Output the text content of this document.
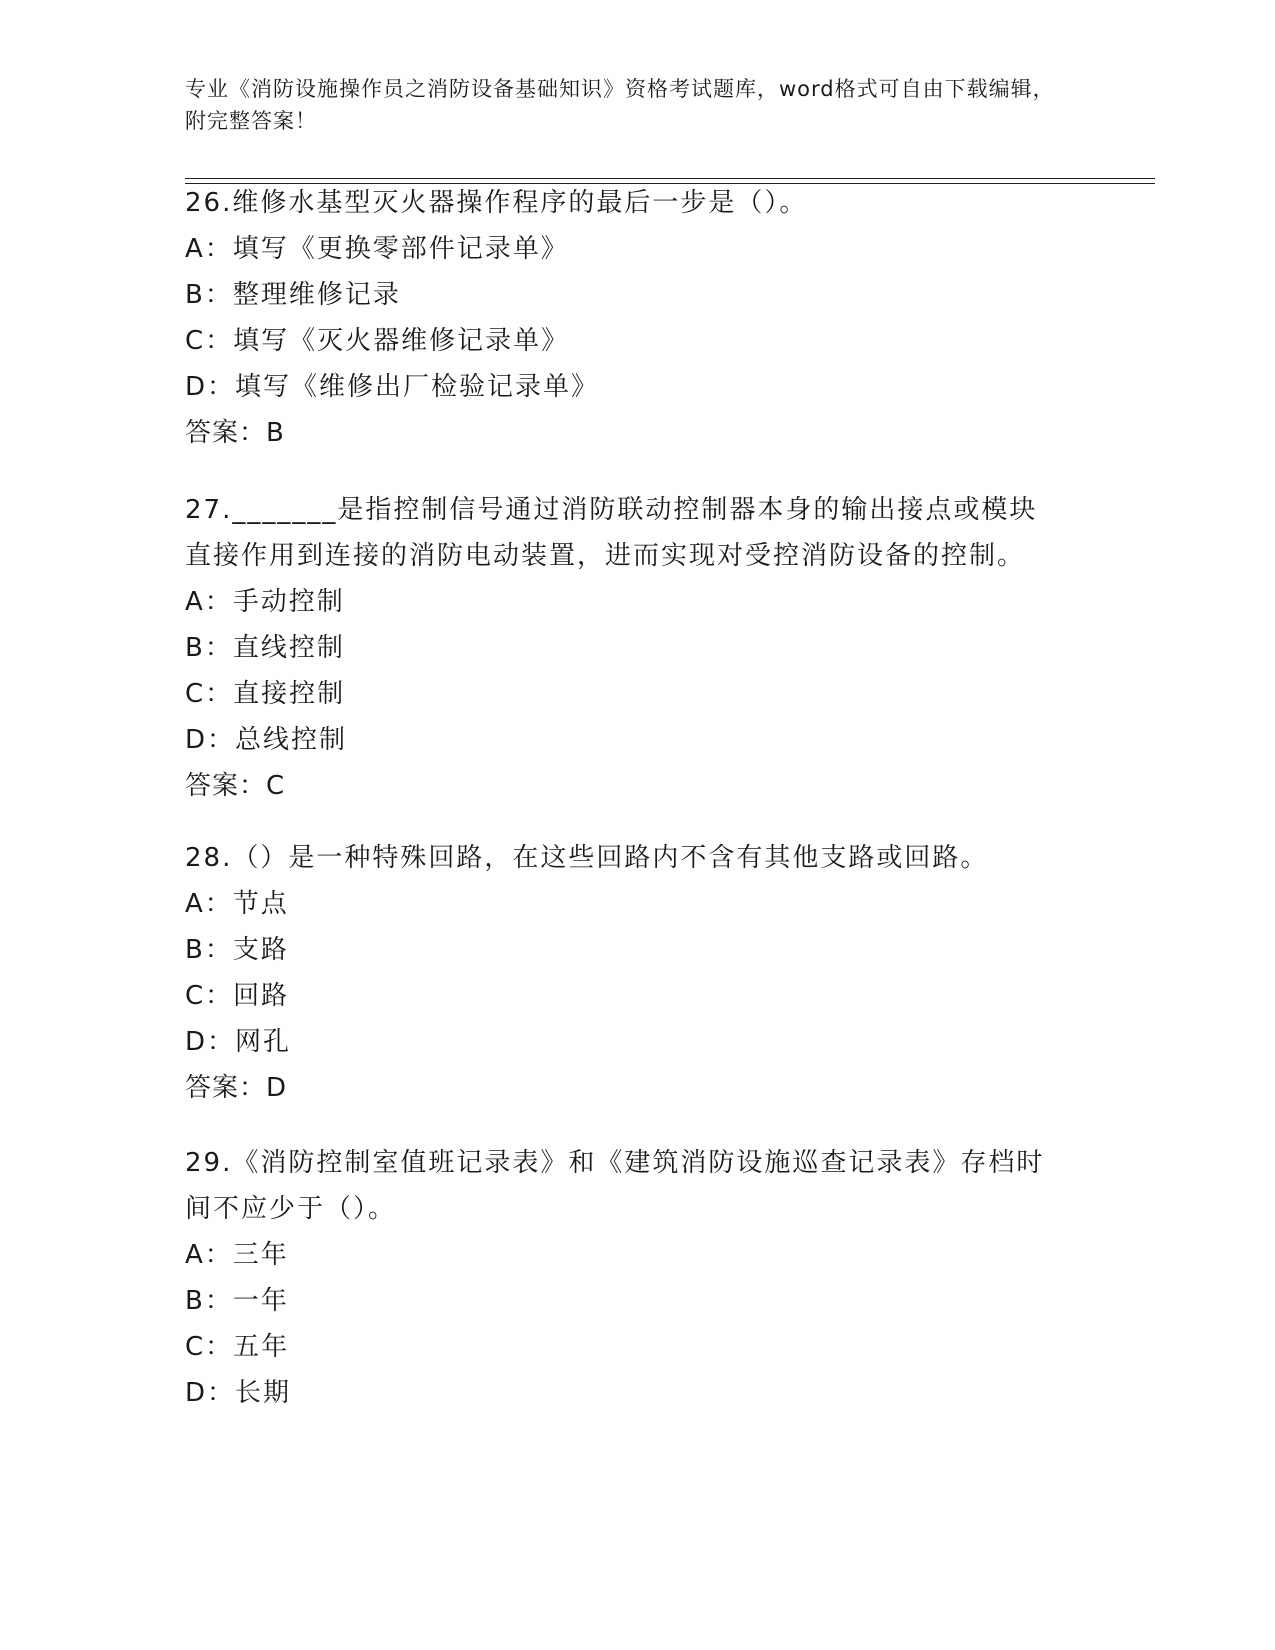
专业《消防设施操作员之消防设备基础知识》资格考试题库，word格式可自由下载编辑，附完整答案！
26.维修水基型灭火器操作程序的最后一步是（）。
A：填写《更换零部件记录单》
B：整理维修记录
C：填写《灭火器维修记录单》
D：填写《维修出厂检验记录单》
答案：B
27._______是指控制信号通过消防联动控制器本身的输出接点或模块直接作用到连接的消防电动装置，进而实现对受控消防设备的控制。
A：手动控制
B：直线控制
C：直接控制
D：总线控制
答案：C
28.（）是一种特殊回路，在这些回路内不含有其他支路或回路。
A：节点
B：支路
C：回路
D：网孔
答案：D
29.《消防控制室值班记录表》和《建筑消防设施巡查记录表》存档时间不应少于（）。
A：三年
B：一年
C：五年
D：长期
